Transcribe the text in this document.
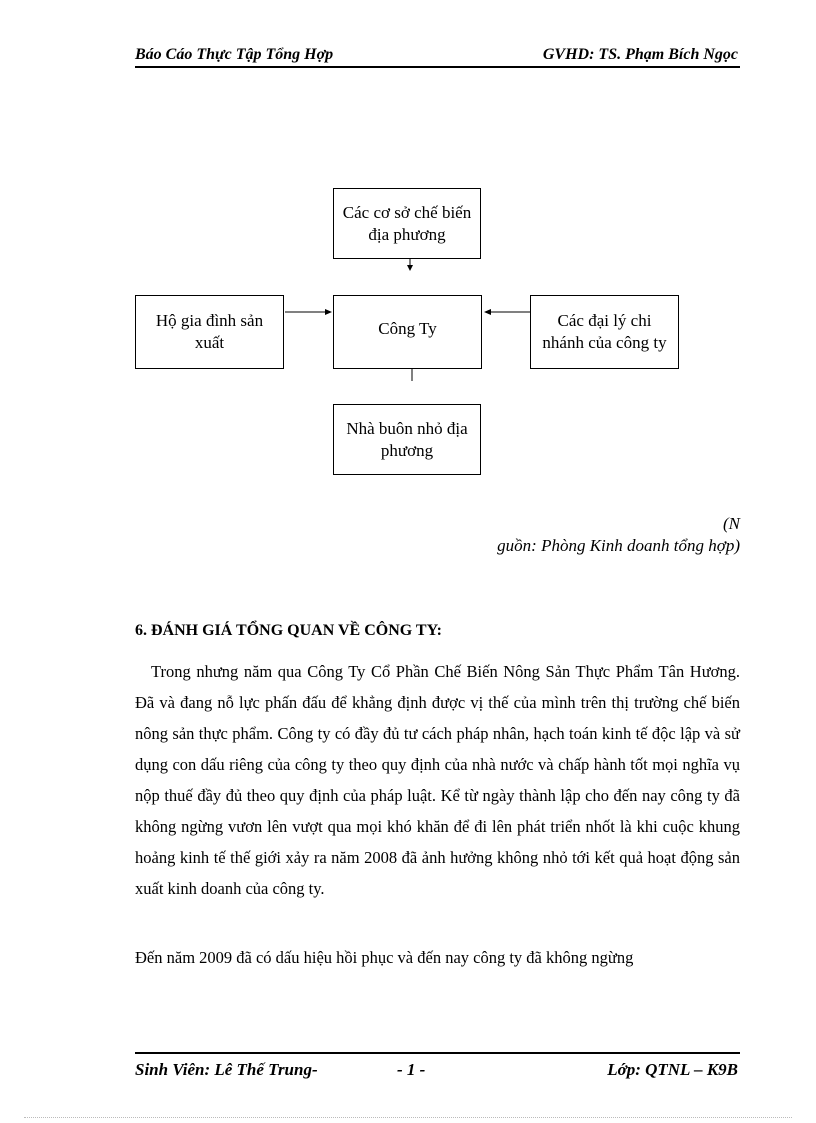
Báo Cáo Thực Tập Tổng Hợp	GVHD: TS. Phạm Bích Ngọc
Các cơ sở chế biến
địa phương
Hộ gia đình sản
xuất
Công Ty	Các đại lý chi
nhánh của công ty
Nhà buôn nhỏ địa
phương
(N
guồn: Phòng Kinh doanh tổng hợp)
6. ĐÁNH GIÁ TỔNG QUAN VỀ CÔNG TY:

Trong nhưng năm qua Công Ty Cổ Phần Chế Biến Nông Sản Thực Phẩm Tân Hương. Đã và đang nỗ lực phấn đấu để khẳng định được vị thế của mình trên thị trường chế biến nông sản thực phẩm. Công ty có đầy đủ tư cách pháp nhân, hạch toán kinh tế độc lập và sử dụng con dấu riêng của công ty theo quy định của nhà nước và chấp hành tốt mọi nghĩa vụ nộp thuế đầy đủ theo quy định của pháp luật. Kể từ ngày thành lập cho đến nay công ty đã không ngừng vươn lên vượt qua mọi khó khăn để đi lên phát triển nhốt là khi cuộc khung hoảng kinh tế thế giới xảy ra năm 2008 đã ảnh hưởng không nhỏ tới kết quả hoạt động sản xuất kinh doanh của công ty.

Đến năm 2009 đã có dấu hiệu hồi phục và đến nay công ty đã không ngừng

Sinh Viên: Lê Thế Trung-	- 1 -	Lớp: QTNL – K9B
